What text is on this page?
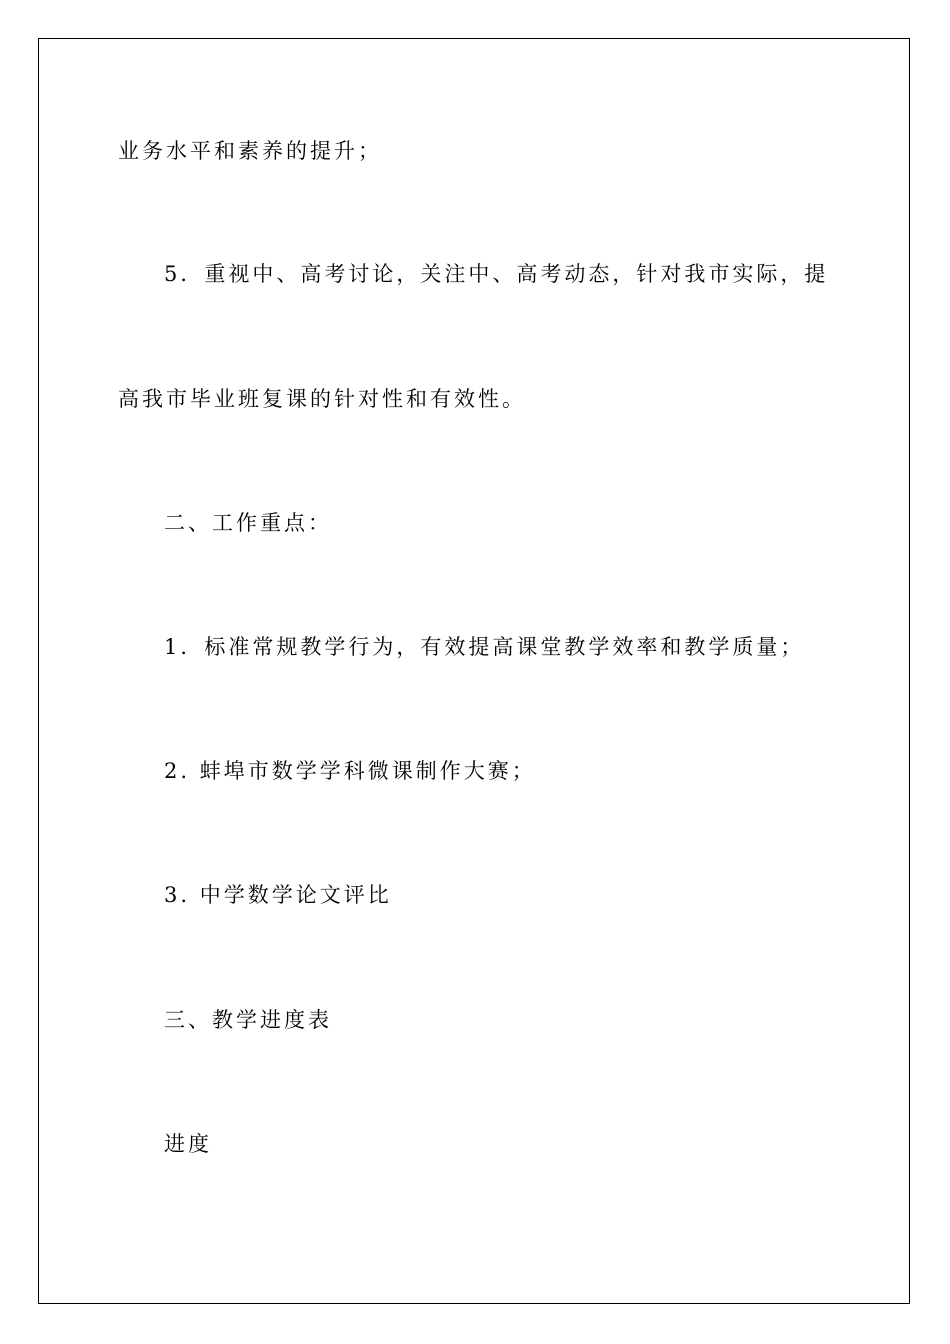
业务水平和素养的提升；
5．重视中、高考讨论，关注中、高考动态，针对我市实际，提
高我市毕业班复课的针对性和有效性。
二、工作重点：
1．标准常规教学行为，有效提高课堂教学效率和教学质量；
2. 蚌埠市数学学科微课制作大赛；
3. 中学数学论文评比
三、教学进度表
进度
